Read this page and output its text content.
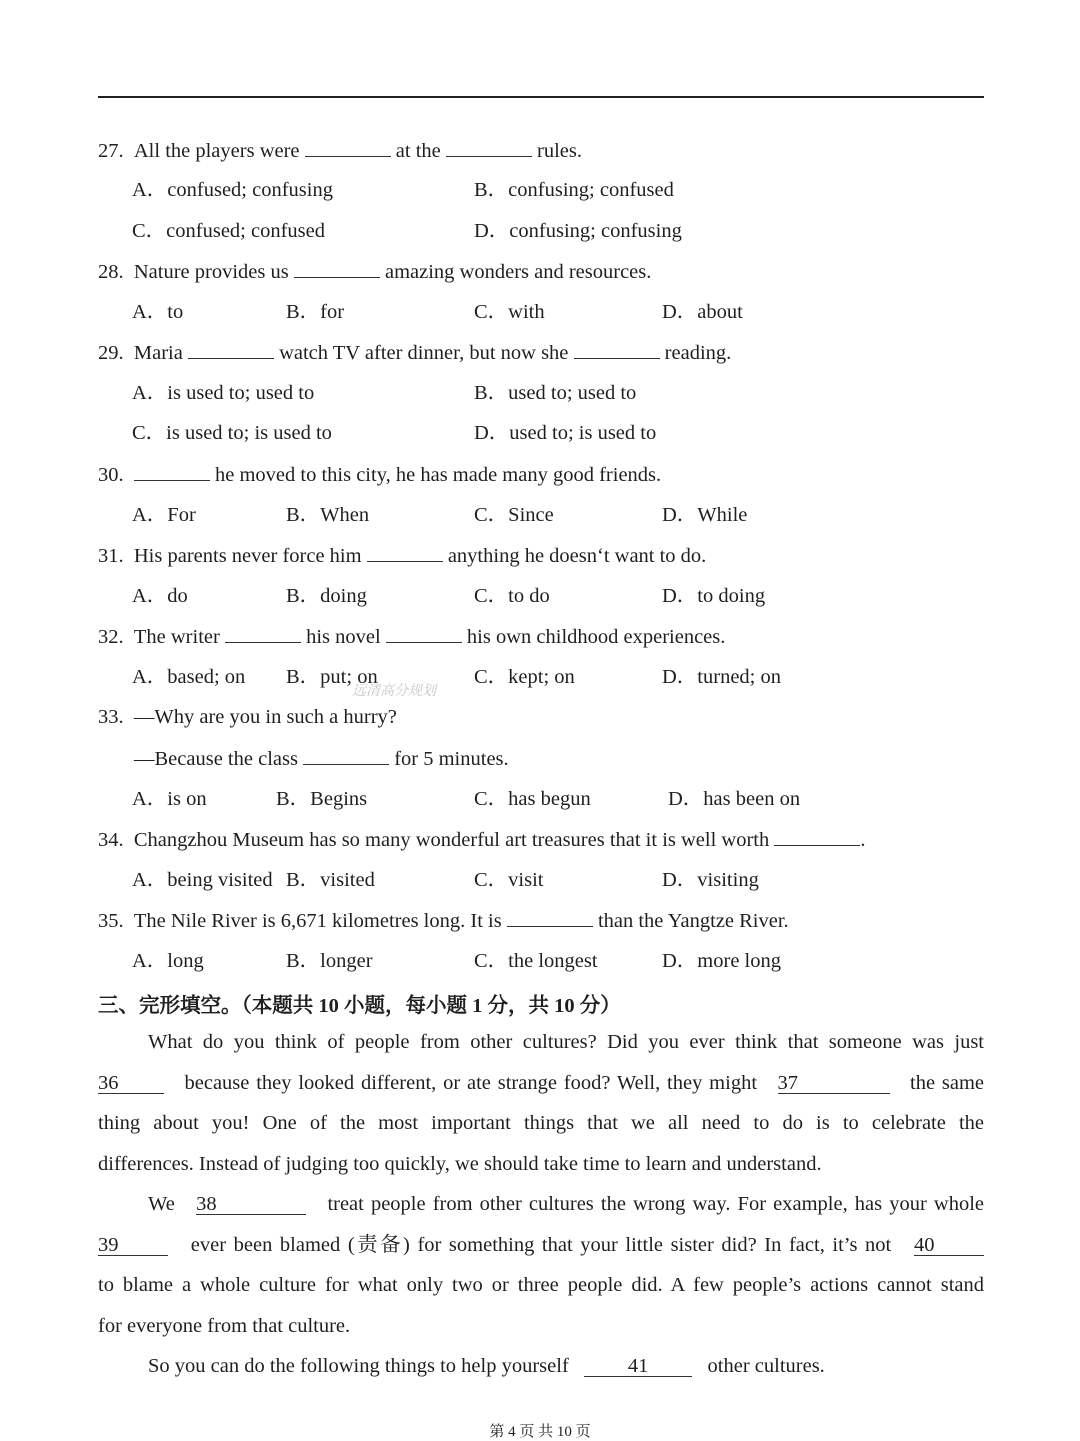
27. All the players were	at the	rules.
A．confused; confusing	B．confusing; confused
C．confused; confused	D．confusing; confusing
28. Nature provides us	amazing wonders and resources.
A．to	B．for	C．with	D．about
29. Maria	watch TV after dinner, but now she	reading.
A．is used to; used to	B．used to; used to
C．is used to; is used to	D．used to; is used to
30.	he moved to this city, he has made many good friends.
A．For	B．When	C．Since	D．While
31. His parents never force him	anything he doesn‘t want to do.
A．do	B．doing	C．to do	D．to doing
32. The writer	his novel	his own childhood experiences.
A．based; on B．put; on	C．kept; on	D．turned; on
远清高分规划
33. —Why are you in such a hurry?
—Because the class	for 5 minutes.
A．is on	B．Begins	C．has begun	D．has been on
34. Changzhou Museum has so many wonderful art treasures that it is well worth	.
A．being visited B．visited	C．visit	D．visiting
35. The Nile River is 6,671 kilometres long. It is	than the Yangtze River.
A．long	B．longer	C．the longest	D．more long
三、完形填空。（本题共 10 小题，每小题 1 分，共 10 分）
What do you think of people from other cultures? Did you ever think that someone was just
36	because they looked different, or ate strange food? Well, they might 37	the same
thing about you! One of the most important things that we all need to do is to celebrate the
differences. Instead of judging too quickly, we should take time to learn and understand.
We 38	treat people from other cultures the wrong way. For example, has your whole
39	ever been blamed (责备) for something that your little sister did? In fact, it’s not 40
to blame a whole culture for what only two or three people did. A few people’s actions cannot stand
for everyone from that culture.
So you can do the following things to help yourself	41	other cultures.
第 4 页 共 10 页
